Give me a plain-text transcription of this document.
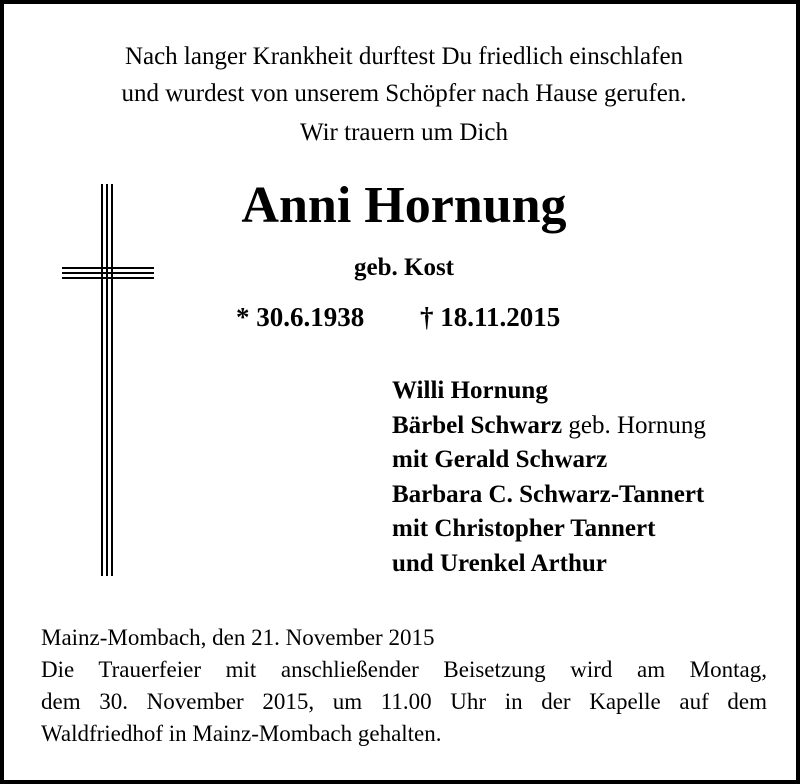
Nach langer Krankheit durftest Du friedlich einschlafen
und wurdest von unserem Schöpfer nach Hause gerufen.
Wir trauern um Dich
Anni Hornung
geb. Kost
* 30.6.1938 † 18.11.2015
Willi Hornung
Bärbel Schwarz geb. Hornung
mit Gerald Schwarz
Barbara C. Schwarz-Tannert
mit Christopher Tannert
und Urenkel Arthur
Mainz-Mombach, den 21. November 2015
Die Trauerfeier mit anschließender Beisetzung wird am Montag,
dem 30. November 2015, um 11.00 Uhr in der Kapelle auf dem
Waldfriedhof in Mainz-Mombach gehalten.
